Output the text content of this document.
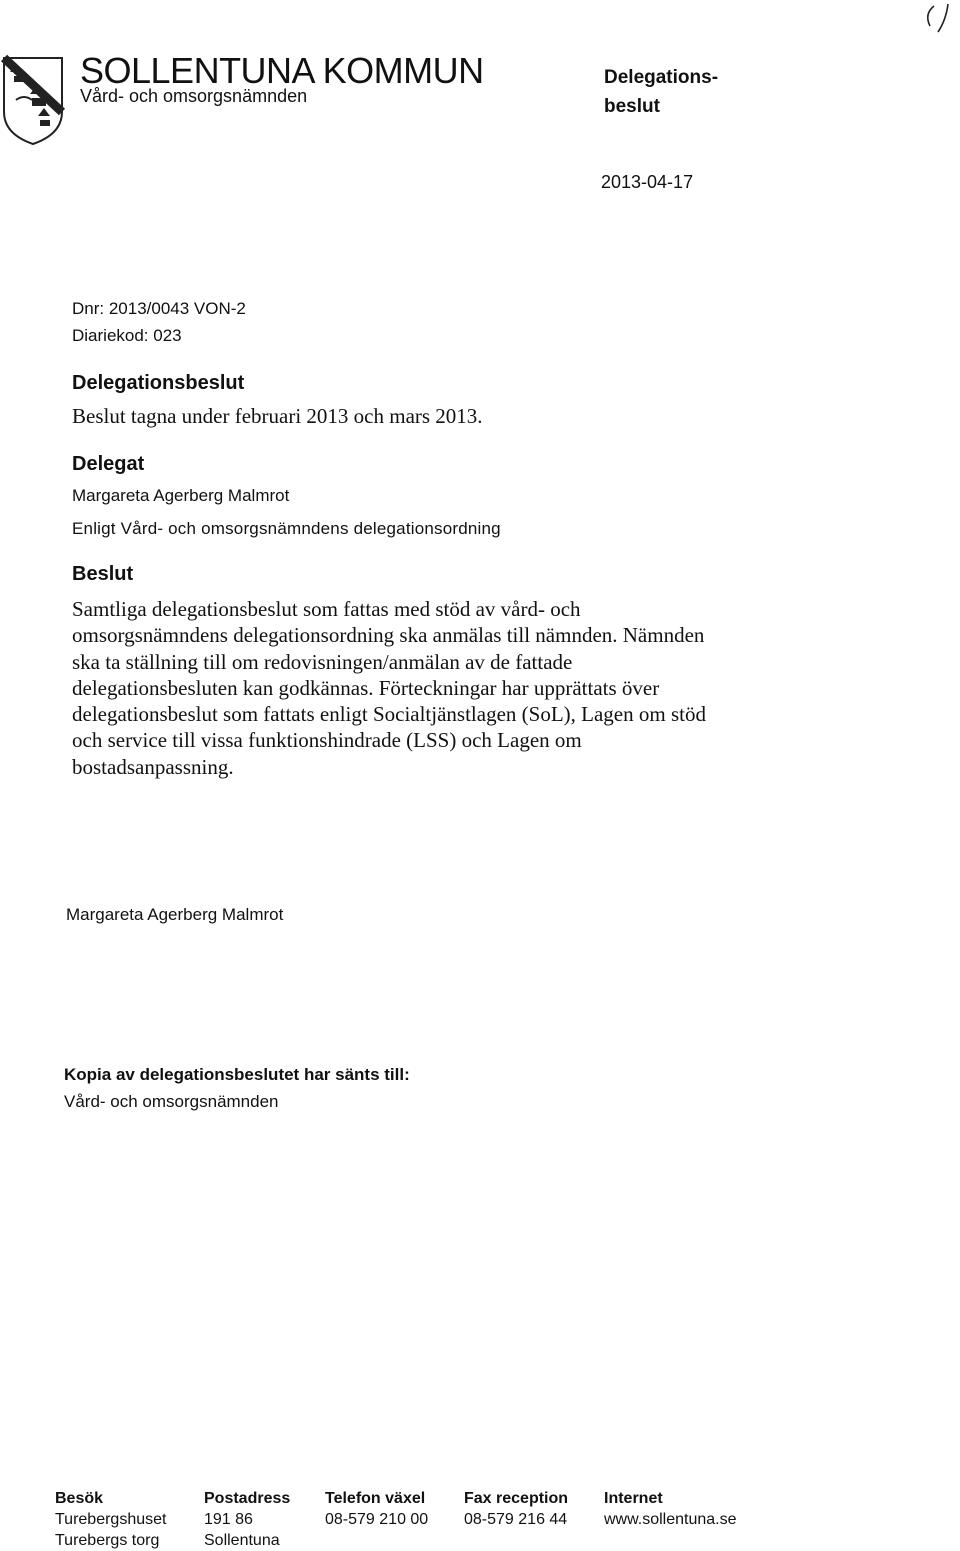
SOLLENTUNA KOMMUN
Vård- och omsorgsnämnden
Delegations-
beslut
2013-04-17
Dnr: 2013/0043 VON-2
Diariekod: 023
Delegationsbeslut
Beslut tagna under februari 2013 och mars 2013.
Delegat
Margareta Agerberg Malmrot
Enligt Vård- och omsorgsnämndens delegationsordning
Beslut
Samtliga delegationsbeslut som fattas med stöd av vård- och
omsorgsnämndens delegationsordning ska anmälas till nämnden. Nämnden
ska ta ställning till om redovisningen/anmälan av de fattade
delegationsbesluten kan godkännas. Förteckningar har upprättats över
delegationsbeslut som fattats enligt Socialtjänstlagen (SoL), Lagen om stöd
och service till vissa funktionshindrade (LSS) och Lagen om
bostadsanpassning.
Margareta Agerberg Malmrot
Kopia av delegationsbeslutet har sänts till:
Vård- och omsorgsnämnden
Besök
Turebergshuset
Turebergs torg
Postadress
191 86
Sollentuna
Telefon växel
08-579 210 00
Fax reception
08-579 216 44
Internet
www.sollentuna.se
